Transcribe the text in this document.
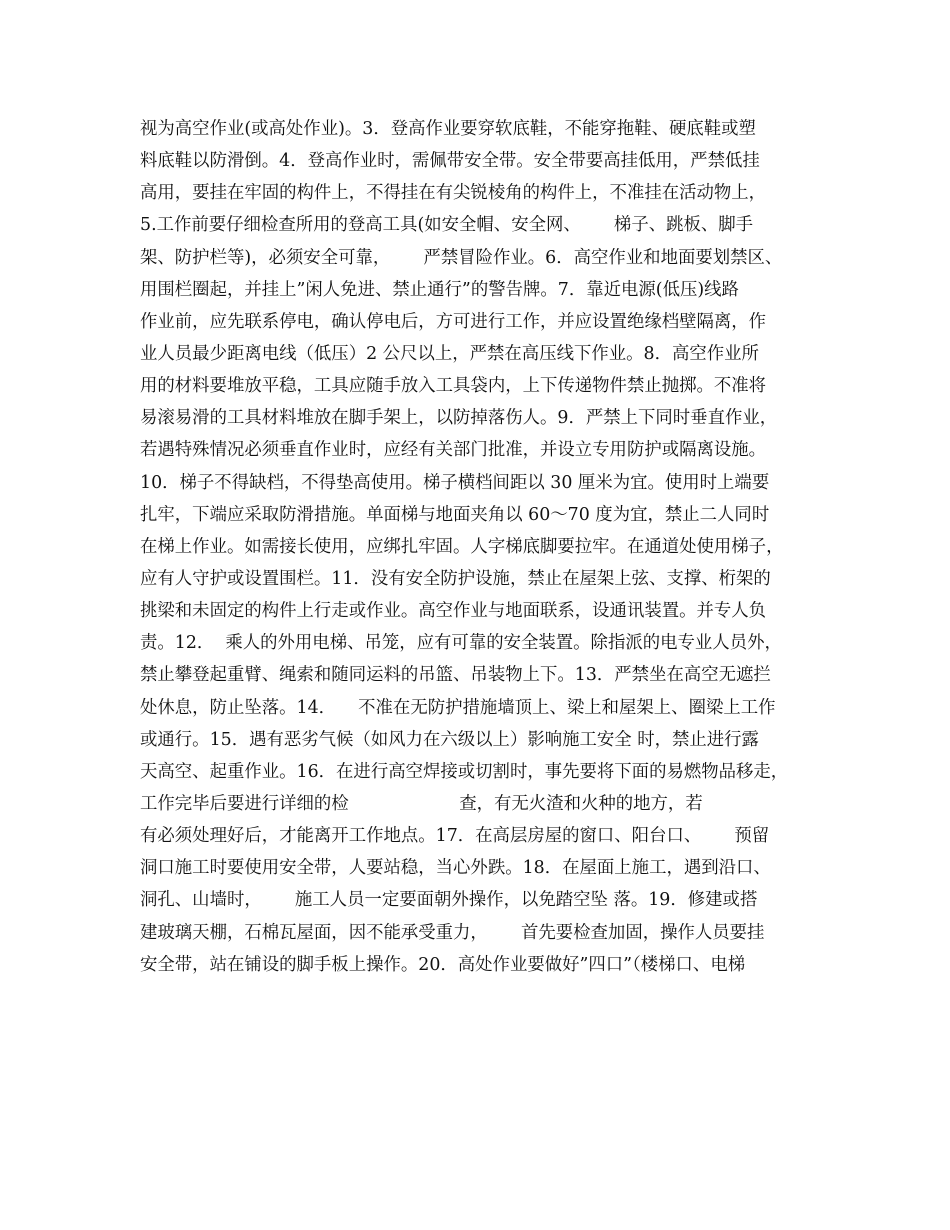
视为高空作业(或高处作业)。3．登高作业要穿软底鞋，不能穿拖鞋、硬底鞋或塑
料底鞋以防滑倒。4．登高作业时，需佩带安全带。安全带要高挂低用，严禁低挂
高用，要挂在牢固的构件上，不得挂在有尖锐棱角的构件上，不准挂在活动物上，
5.工作前要仔细检查所用的登高工具(如安全帽、安全网、      梯子、跳板、脚手
架、防护栏等)，必须安全可靠，      严禁冒险作业。6．高空作业和地面要划禁区、
用围栏圈起，并挂上”闲人免进、禁止通行”的警告牌。7．靠近电源(低压)线路
作业前，应先联系停电，确认停电后，方可进行工作，并应设置绝缘档壁隔离，作
业人员最少距离电线（低压）2 公尺以上，严禁在高压线下作业。8．高空作业所
用的材料要堆放平稳，工具应随手放入工具袋内，上下传递物件禁止抛掷。不准将
易滚易滑的工具材料堆放在脚手架上，以防掉落伤人。9．严禁上下同时垂直作业，
若遇特殊情况必须垂直作业时，应经有关部门批准，并设立专用防护或隔离设施。
10．梯子不得缺档，不得垫高使用。梯子横档间距以 30 厘米为宜。使用时上端要
扎牢，下端应采取防滑措施。单面梯与地面夹角以 60～70 度为宜，禁止二人同时
在梯上作业。如需接长使用，应绑扎牢固。人字梯底脚要拉牢。在通道处使用梯子，
应有人守护或设置围栏。11．没有安全防护设施，禁止在屋架上弦、支撑、桁架的
挑梁和未固定的构件上行走或作业。高空作业与地面联系，设通讯装置。并专人负
责。12．  乘人的外用电梯、吊笼，应有可靠的安全装置。除指派的电专业人员外，
禁止攀登起重臂、绳索和随同运料的吊篮、吊装物上下。13．严禁坐在高空无遮拦
处休息，防止坠落。14．    不准在无防护措施墙顶上、梁上和屋架上、圈梁上工作
或通行。15．遇有恶劣气候（如风力在六级以上）影响施工安全 时，禁止进行露
天高空、起重作业。16．在进行高空焊接或切割时，事先要将下面的易燃物品移走，
工作完毕后要进行详细的检                    查，有无火渣和火种的地方，若
有必须处理好后，才能离开工作地点。17．在高层房屋的窗口、阳台口、      预留
洞口施工时要使用安全带，人要站稳，当心外跌。18．在屋面上施工，遇到沿口、
洞孔、山墙时，      施工人员一定要面朝外操作，以免踏空坠 落。19．修建或搭
建玻璃天棚，石棉瓦屋面，因不能承受重力，      首先要检查加固，操作人员要挂
安全带，站在铺设的脚手板上操作。20．高处作业要做好”四口”（楼梯口、电梯
